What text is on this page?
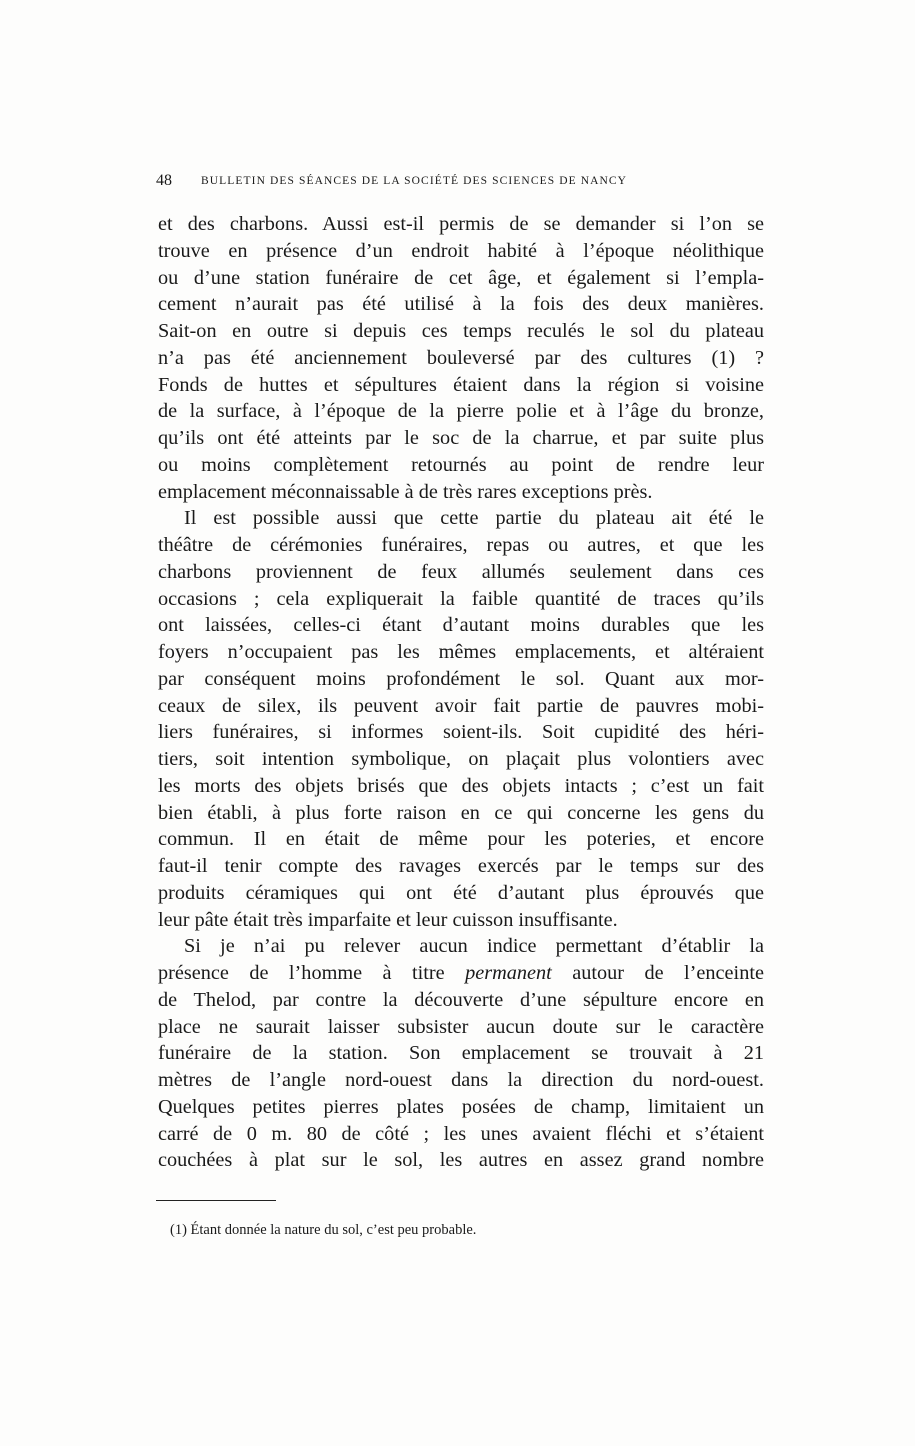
48	BULLETIN DES SÉANCES DE LA SOCIÉTÉ DES SCIENCES DE NANCY
et des charbons. Aussi est-il permis de se demander si l’on se
trouve en présence d’un endroit habité à l’époque néolithique
ou d’une station funéraire de cet âge, et également si l’empla-
cement n’aurait pas été utilisé à la fois des deux manières.
Sait-on en outre si depuis ces temps reculés le sol du plateau
n’a pas été anciennement bouleversé par des cultures (1) ?
Fonds de huttes et sépultures étaient dans la région si voisine
de la surface, à l’époque de la pierre polie et à l’âge du bronze,
qu’ils ont été atteints par le soc de la charrue, et par suite plus
ou moins complètement retournés au point de rendre leur
emplacement méconnaissable à de très rares exceptions près.
Il est possible aussi que cette partie du plateau ait été le
théâtre de cérémonies funéraires, repas ou autres, et que les
charbons proviennent de feux allumés seulement dans ces
occasions ; cela expliquerait la faible quantité de traces qu’ils
ont laissées, celles-ci étant d’autant moins durables que les
foyers n’occupaient pas les mêmes emplacements, et altéraient
par conséquent moins profondément le sol. Quant aux mor-
ceaux de silex, ils peuvent avoir fait partie de pauvres mobi-
liers funéraires, si informes soient-ils. Soit cupidité des héri-
tiers, soit intention symbolique, on plaçait plus volontiers avec
les morts des objets brisés que des objets intacts ; c’est un fait
bien établi, à plus forte raison en ce qui concerne les gens du
commun. Il en était de même pour les poteries, et encore
faut-il tenir compte des ravages exercés par le temps sur des
produits céramiques qui ont été d’autant plus éprouvés que
leur pâte était très imparfaite et leur cuisson insuffisante.
Si je n’ai pu relever aucun indice permettant d’établir la
présence de l’homme à titre permanent autour de l’enceinte
de Thelod, par contre la découverte d’une sépulture encore en
place ne saurait laisser subsister aucun doute sur le caractère
funéraire de la station. Son emplacement se trouvait à 21
mètres de l’angle nord-ouest dans la direction du nord-ouest.
Quelques petites pierres plates posées de champ, limitaient un
carré de 0 m. 80 de côté ; les unes avaient fléchi et s’étaient
couchées à plat sur le sol, les autres en assez grand nombre
(1) Étant donnée la nature du sol, c’est peu probable.
